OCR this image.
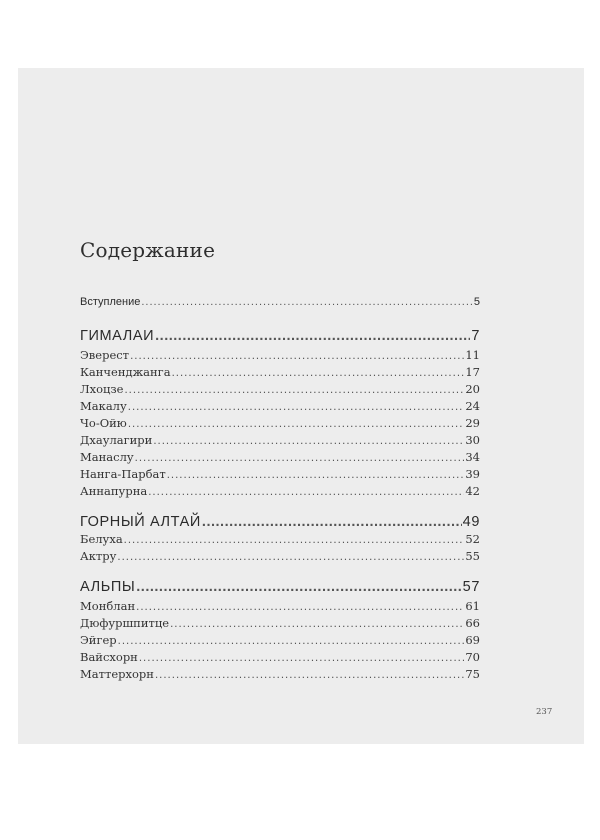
Содержание
Вступление .....	5
ГИМАЛАИ .....	7
Эверест .....	11
Канченджанга .....	17
Лхоцзе .....	20
Макалу .....	24
Чо-Ойю .....	29
Дхаулагири .....	30
Манаслу .....	34
Нанга-Парбат .....	39
Аннапурна .....	42
ГОРНЫЙ АЛТАЙ .....	49
Белуха .....	52
Актру .....	55
АЛЬПЫ .....	57
Монблан .....	61
Дюфуршпитце .....	66
Эйгер .....	69
Вайсхорн .....	70
Маттерхорн .....	75
237
